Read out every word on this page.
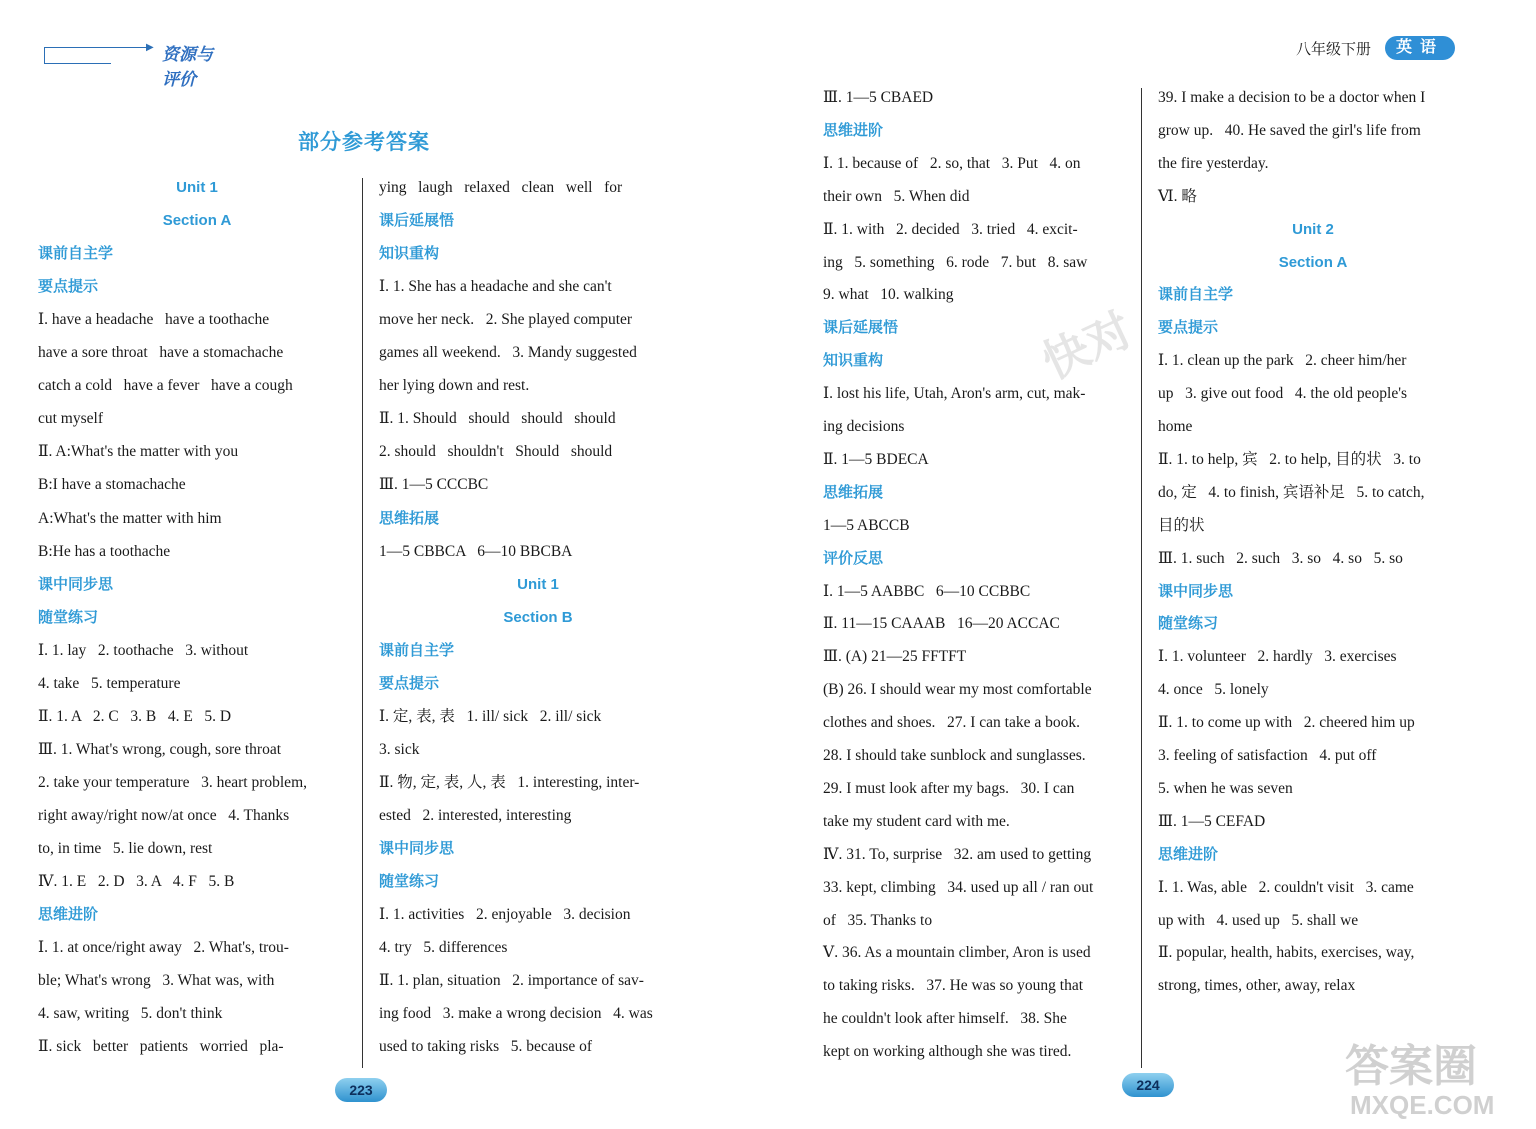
▶ 资源与评价
八年级下册	英语
部分参考答案
Unit 1
Section A
课前自主学
要点提示
Ⅰ. have a headache   have a toothache
have a sore throat   have a stomachache
catch a cold   have a fever   have a cough
cut myself
Ⅱ. A:What's the matter with you
B:I have a stomachache
A:What's the matter with him
B:He has a toothache
课中同步思
随堂练习
Ⅰ. 1. lay   2. toothache   3. without
4. take   5. temperature
Ⅱ. 1. A   2. C   3. B   4. E   5. D
Ⅲ. 1. What's wrong, cough, sore throat
2. take your temperature   3. heart problem,
right away/right now/at once   4. Thanks
to, in time   5. lie down, rest
Ⅳ. 1. E   2. D   3. A   4. F   5. B
思维进阶
Ⅰ. 1. at once/right away   2. What's, trou-
ble; What's wrong   3. What was, with
4. saw, writing   5. don't think
Ⅱ. sick   better   patients   worried   pla-
ying   laugh   relaxed   clean   well   for
课后延展悟
知识重构
Ⅰ. 1. She has a headache and she can't
move her neck.   2. She played computer
games all weekend.   3. Mandy suggested
her lying down and rest.
Ⅱ. 1. Should   should   should   should
2. should   shouldn't   Should   should
Ⅲ. 1—5 CCCBC
思维拓展
1—5 CBBCA   6—10 BBCBA
Unit 1
Section B
课前自主学
要点提示
Ⅰ. 定, 表, 表   1. ill/ sick   2. ill/ sick
3. sick
Ⅱ. 物, 定, 表, 人, 表   1. interesting, inter-
ested   2. interested, interesting
课中同步思
随堂练习
Ⅰ. 1. activities   2. enjoyable   3. decision
4. try   5. differences
Ⅱ. 1. plan, situation   2. importance of sav-
ing food   3. make a wrong decision   4. was
used to taking risks   5. because of
Ⅲ. 1—5 CBAED
思维进阶
Ⅰ. 1. because of   2. so, that   3. Put   4. on
their own   5. When did
Ⅱ. 1. with   2. decided   3. tried   4. excit-
ing   5. something   6. rode   7. but   8. saw
9. what   10. walking
课后延展悟
知识重构
Ⅰ. lost his life, Utah, Aron's arm, cut, mak-
ing decisions
Ⅱ. 1—5 BDECA
思维拓展
1—5 ABCCB
评价反思
Ⅰ. 1—5 AABBC   6—10 CCBBC
Ⅱ. 11—15 CAAAB   16—20 ACCAC
Ⅲ. (A) 21—25 FFTFT
(B) 26. I should wear my most comfortable
clothes and shoes.   27. I can take a book.
28. I should take sunblock and sunglasses.
29. I must look after my bags.   30. I can
take my student card with me.
Ⅳ. 31. To, surprise   32. am used to getting
33. kept, climbing   34. used up all / ran out
of   35. Thanks to
Ⅴ. 36. As a mountain climber, Aron is used
to taking risks.   37. He was so young that
he couldn't look after himself.   38. She
kept on working although she was tired.
39. I make a decision to be a doctor when I
grow up.   40. He saved the girl's life from
the fire yesterday.
Ⅵ. 略
Unit 2
Section A
课前自主学
要点提示
Ⅰ. 1. clean up the park   2. cheer him/her
up   3. give out food   4. the old people's
home
Ⅱ. 1. to help, 宾   2. to help, 目的状   3. to
do, 定   4. to finish, 宾语补足   5. to catch,
目的状
Ⅲ. 1. such   2. such   3. so   4. so   5. so
课中同步思
随堂练习
Ⅰ. 1. volunteer   2. hardly   3. exercises
4. once   5. lonely
Ⅱ. 1. to come up with   2. cheered him up
3. feeling of satisfaction   4. put off
5. when he was seven
Ⅲ. 1—5 CEFAD
思维进阶
Ⅰ. 1. Was, able   2. couldn't visit   3. came
up with   4. used up   5. shall we
Ⅱ. popular, health, habits, exercises, way,
strong, times, other, away, relax
223	224
快对
答案圈
MXQE.COM
